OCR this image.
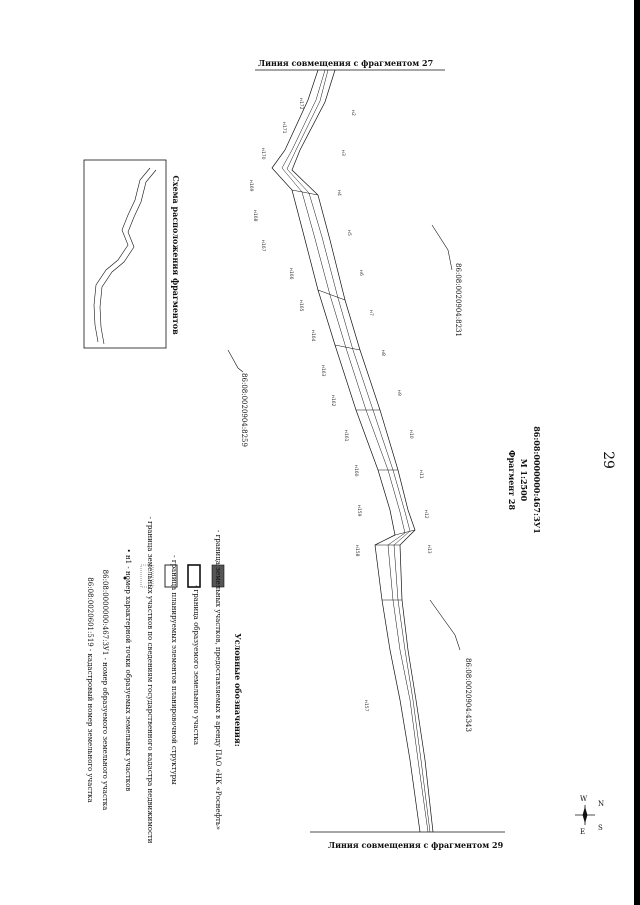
н172
н171
н170
н169
н168
н167
н166
н165
н164
н163
н162
н161
н160
н159
н158
н157
н2
н3
н4
н5
н6
н7
н8
н9
н10
н11
н12
н13
29
86:08:0000000:467:ЗУ1
М 1:2500
Фрагмент 28
Линия совмещения с фрагментом 27
Линия совмещения с фрагментом 29
86:08:0020904:8231
86:08:0020904:8259
86:08:0020904:4343
Схема расположения фрагментов
N
S
W
E
Условные обозначения:
- граница земельных участков, предоставляемых в аренду ПАО «НК «Роснефть»
- граница образуемого земельного участка
- граница планируемых элементов планировочной структуры
- граница земельных участков по сведениям государственного кадастра недвижимости
• н1 - номер характерной точки образуемых земельных участков
86:08:0000000:467:ЗУ1 - номер образуемого земельного участка
86:08:0020601:519 - кадастровый номер земельного участка
